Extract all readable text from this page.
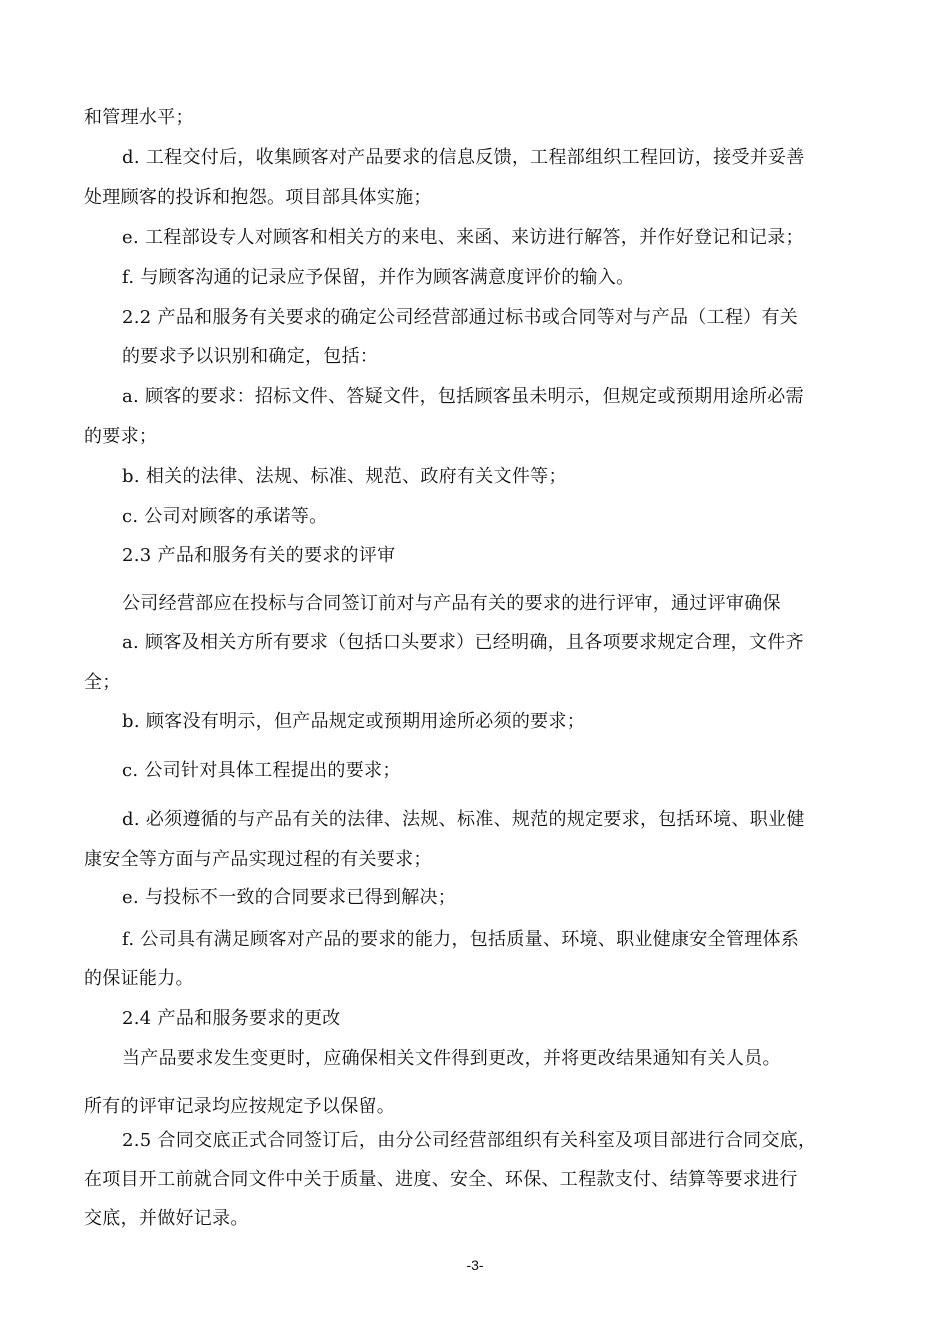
和管理水平；
d. 工程交付后，收集顾客对产品要求的信息反馈，工程部组织工程回访，接受并妥善
处理顾客的投诉和抱怨。项目部具体实施；
e. 工程部设专人对顾客和相关方的来电、来函、来访进行解答，并作好登记和记录；
f. 与顾客沟通的记录应予保留，并作为顾客满意度评价的输入。
2.2 产品和服务有关要求的确定公司经营部通过标书或合同等对与产品（工程）有关
的要求予以识别和确定，包括：
a. 顾客的要求：招标文件、答疑文件，包括顾客虽未明示，但规定或预期用途所必需
的要求；
b. 相关的法律、法规、标准、规范、政府有关文件等；
c. 公司对顾客的承诺等。
2.3 产品和服务有关的要求的评审
公司经营部应在投标与合同签订前对与产品有关的要求的进行评审，通过评审确保
a. 顾客及相关方所有要求（包括口头要求）已经明确，且各项要求规定合理，文件齐
全；
b. 顾客没有明示，但产品规定或预期用途所必须的要求；
c. 公司针对具体工程提出的要求；
d. 必须遵循的与产品有关的法律、法规、标准、规范的规定要求，包括环境、职业健
康安全等方面与产品实现过程的有关要求；
e. 与投标不一致的合同要求已得到解决；
f. 公司具有满足顾客对产品的要求的能力，包括质量、环境、职业健康安全管理体系
的保证能力。
2.4 产品和服务要求的更改
当产品要求发生变更时，应确保相关文件得到更改，并将更改结果通知有关人员。
所有的评审记录均应按规定予以保留。
2.5 合同交底正式合同签订后，由分公司经营部组织有关科室及项目部进行合同交底，
在项目开工前就合同文件中关于质量、进度、安全、环保、工程款支付、结算等要求进行
交底，并做好记录。
-3-
